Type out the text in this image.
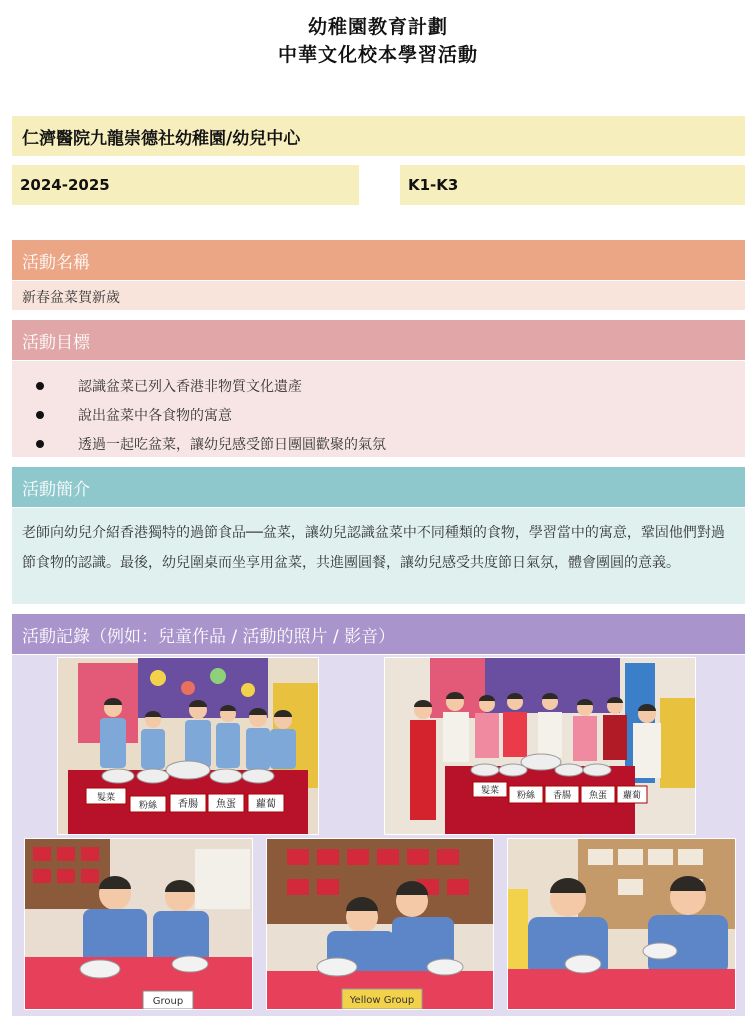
幼稚園教育計劃
中華文化校本學習活動
仁濟醫院九龍崇德社幼稚園/幼兒中心
2024-2025	K1-K3
活動名稱
新春盆菜賀新歲
活動目標
認識盆菜已列入香港非物質文化遺產
說出盆菜中各食物的寓意
透過一起吃盆菜，讓幼兒感受節日團圓歡聚的氣氛
活動簡介
老師向幼兒介紹香港獨特的過節食品──盆菜，讓幼兒認識盆菜中不同種類的食物，學習當中的寓意，鞏固他們對過節食物的認識。最後，幼兒圍桌而坐享用盆菜，共進團圓餐，讓幼兒感受共度節日氣氛，體會團圓的意義。
活動記錄（例如：兒童作品 / 活動的照片 / 影音）
髮菜
粉絲 香腸 魚蛋 蘿蔔
髮菜 粉絲 香腸 魚蛋 蘿蔔
Group	Yellow Group
